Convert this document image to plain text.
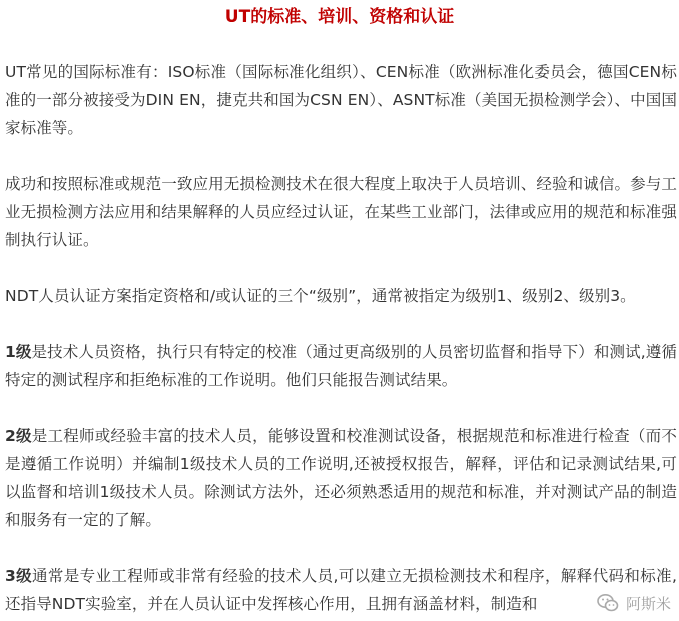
UT的标准、培训、资格和认证

UT常见的国际标准有：ISO标准（国际标准化组织）、CEN标准（欧洲标准化委员会，德国CEN标准的一部分被接受为DIN EN，捷克共和国为CSN EN）、ASNT标准（美国无损检测学会）、中国国家标准等。

成功和按照标准或规范一致应用无损检测技术在很大程度上取决于人员培训、经验和诚信。参与工业无损检测方法应用和结果解释的人员应经过认证，在某些工业部门，法律或应用的规范和标准强制执行认证。

NDT人员认证方案指定资格和/或认证的三个“级别”，通常被指定为级别1、级别2、级别3。

1级是技术人员资格，执行只有特定的校准（通过更高级别的人员密切监督和指导下）和测试,遵循特定的测试程序和拒绝标准的工作说明。他们只能报告测试结果。

2级是工程师或经验丰富的技术人员，能够设置和校准测试设备，根据规范和标准进行检查（而不是遵循工作说明）并编制1级技术人员的工作说明,还被授权报告，解释，评估和记录测试结果,可以监督和培训1级技术人员。除测试方法外，还必须熟悉适用的规范和标准，并对测试产品的制造和服务有一定的了解。

3级通常是专业工程师或非常有经验的技术人员,可以建立无损检测技术和程序，解释代码和标准,还指导NDT实验室，并在人员认证中发挥核心作用，且拥有涵盖材料，制造和	阿斯米
